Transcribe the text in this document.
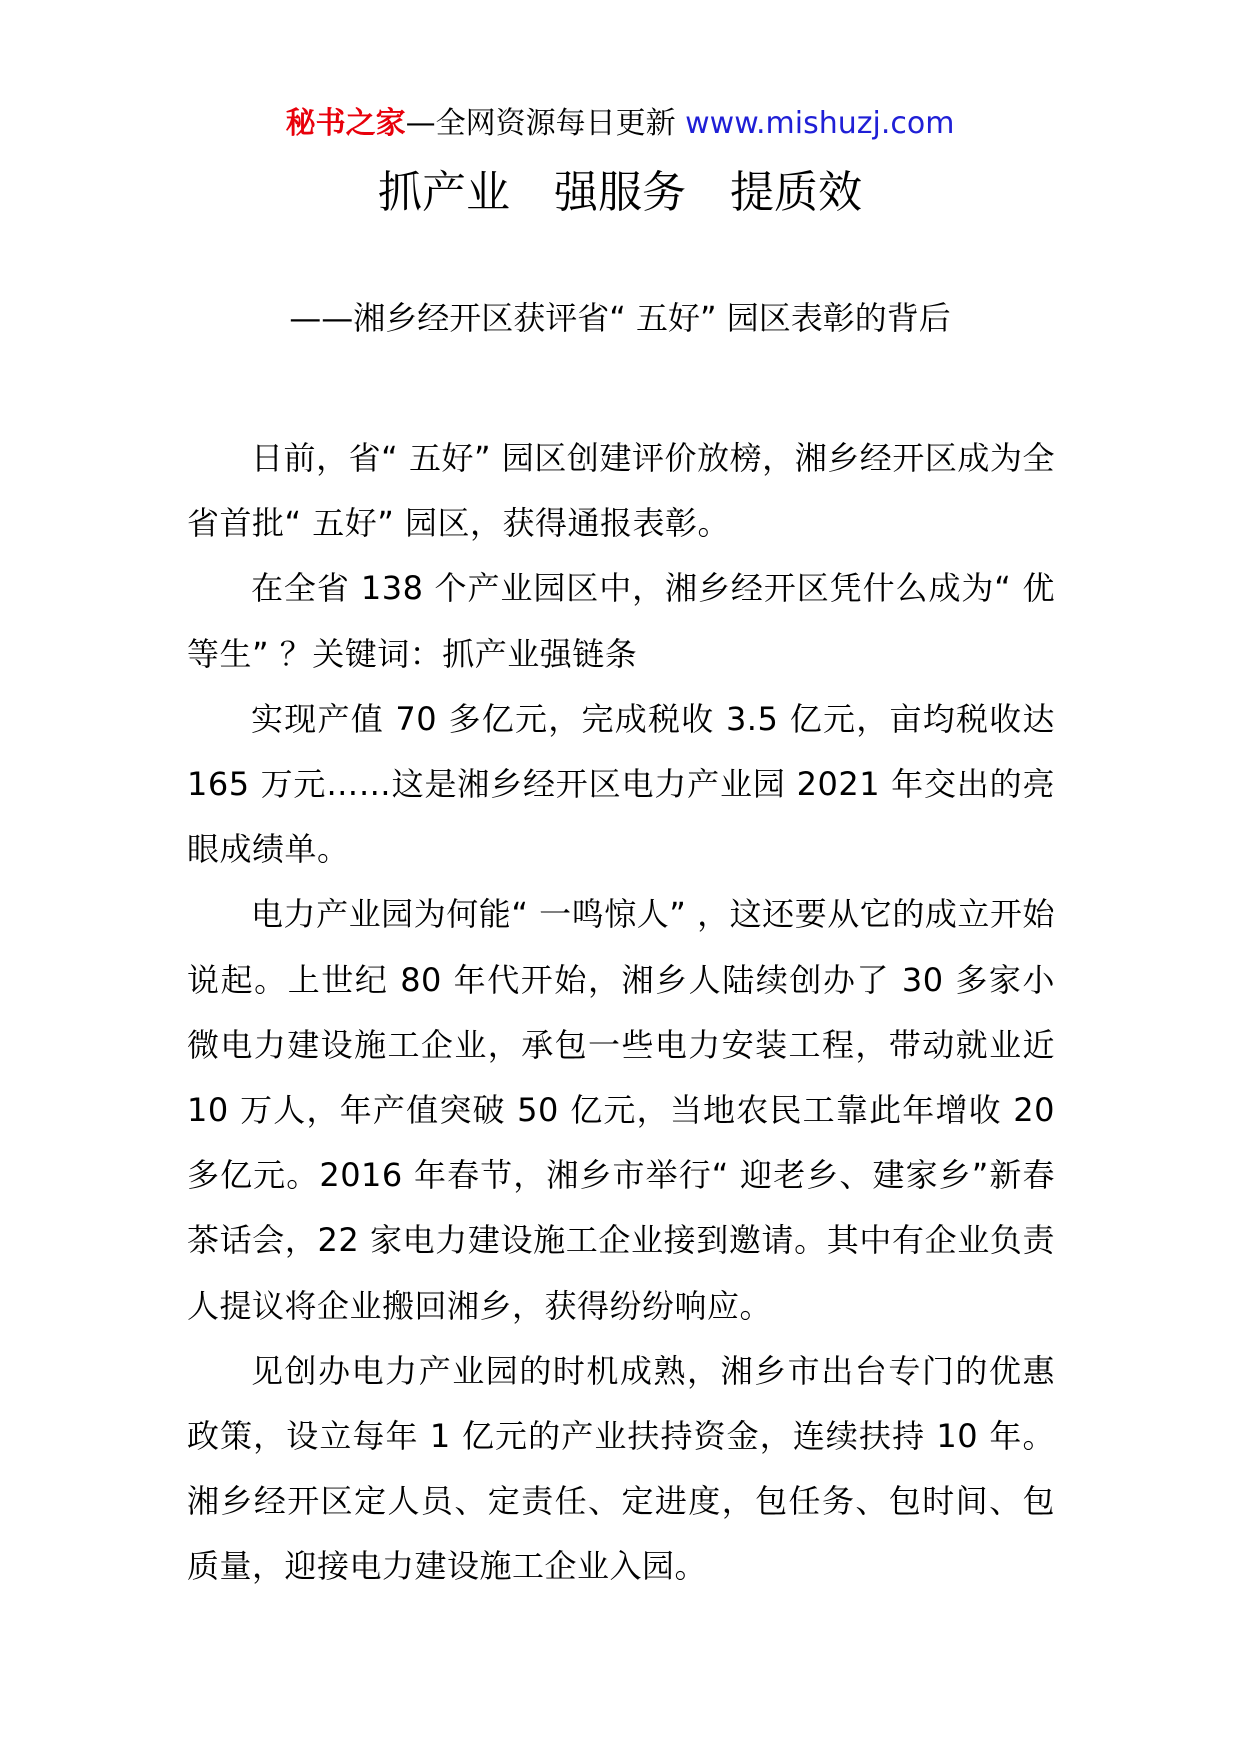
秘书之家—全网资源每日更新 www.mishuzj.com
抓产业 强服务 提质效
——湘乡经开区获评省“ 五好” 园区表彰的背后

日前，省“ 五好” 园区创建评价放榜，湘乡经开区成为全省首批“ 五好” 园区，获得通报表彰。

在全省 138 个产业园区中，湘乡经开区凭什么成为“ 优等生” ？关键词：抓产业强链条

实现产值 70 多亿元，完成税收 3.5 亿元，亩均税收达 165 万元……这是湘乡经开区电力产业园 2021 年交出的亮眼成绩单。

电力产业园为何能“ 一鸣惊人” ，这还要从它的成立开始说起。上世纪 80 年代开始，湘乡人陆续创办了 30 多家小微电力建设施工企业，承包一些电力安装工程，带动就业近 10 万人，年产值突破 50 亿元，当地农民工靠此年增收 20 多亿元。2016 年春节，湘乡市举行“ 迎老乡、建家乡”新春茶话会，22 家电力建设施工企业接到邀请。其中有企业负责人提议将企业搬回湘乡，获得纷纷响应。

见创办电力产业园的时机成熟，湘乡市出台专门的优惠政策，设立每年 1 亿元的产业扶持资金，连续扶持 10 年。湘乡经开区定人员、定责任、定进度，包任务、包时间、包质量，迎接电力建设施工企业入园。
